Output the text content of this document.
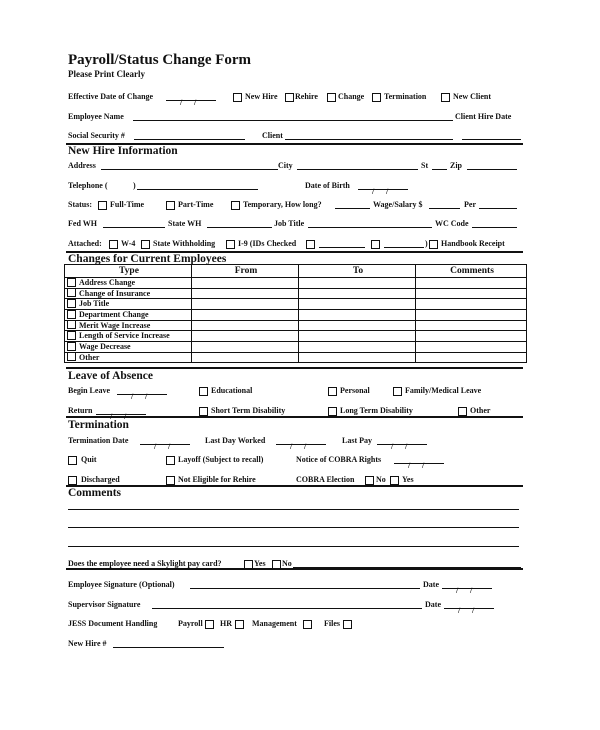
Payroll/Status Change Form
Please Print Clearly
Effective Date of Change / /	New Hire Rehire	Change Termination	New Client
Employee Name	Client Hire Date
Social Security #	Client
New Hire Information
Address	City	St	Zip
Telephone (	)	Date of Birth
/
/
Status: Full-Time	Part-Time	Temporary, How long?	Wage/Salary $	Per
Fed WH	State WH	Job Title	WC Code
Attached: W-4 State Withholding	I-9 (IDs Checked	) Handbook Receipt
Changes for Current Employees
Type	From	To	Comments
Address Change			
Change of Insurance			
Job Title			
Department Change			
Merit Wage Increase			
Length of Service Increase			
Wage Decrease			
Other			
Leave of Absence
Begin Leave / /	Educational	Personal	Family/Medical Leave
Return / /	Short Term Disability	Long Term Disability	Other
Termination
Termination Date / /	Last Day Worked / /	Last Pay
/
/
Quit	Layoff (Subject to recall)	Notice of COBRA Rights
/
/
Discharged	Not Eligible for Rehire	COBRA Election	No Yes
Comments
Does the employee need a Skylight pay card?	Yes No
Employee Signature (Optional)	Date
/
/
Supervisor Signature	Date
/
/
JESS Document Handling	Payroll HR	Management	Files
New Hire #
